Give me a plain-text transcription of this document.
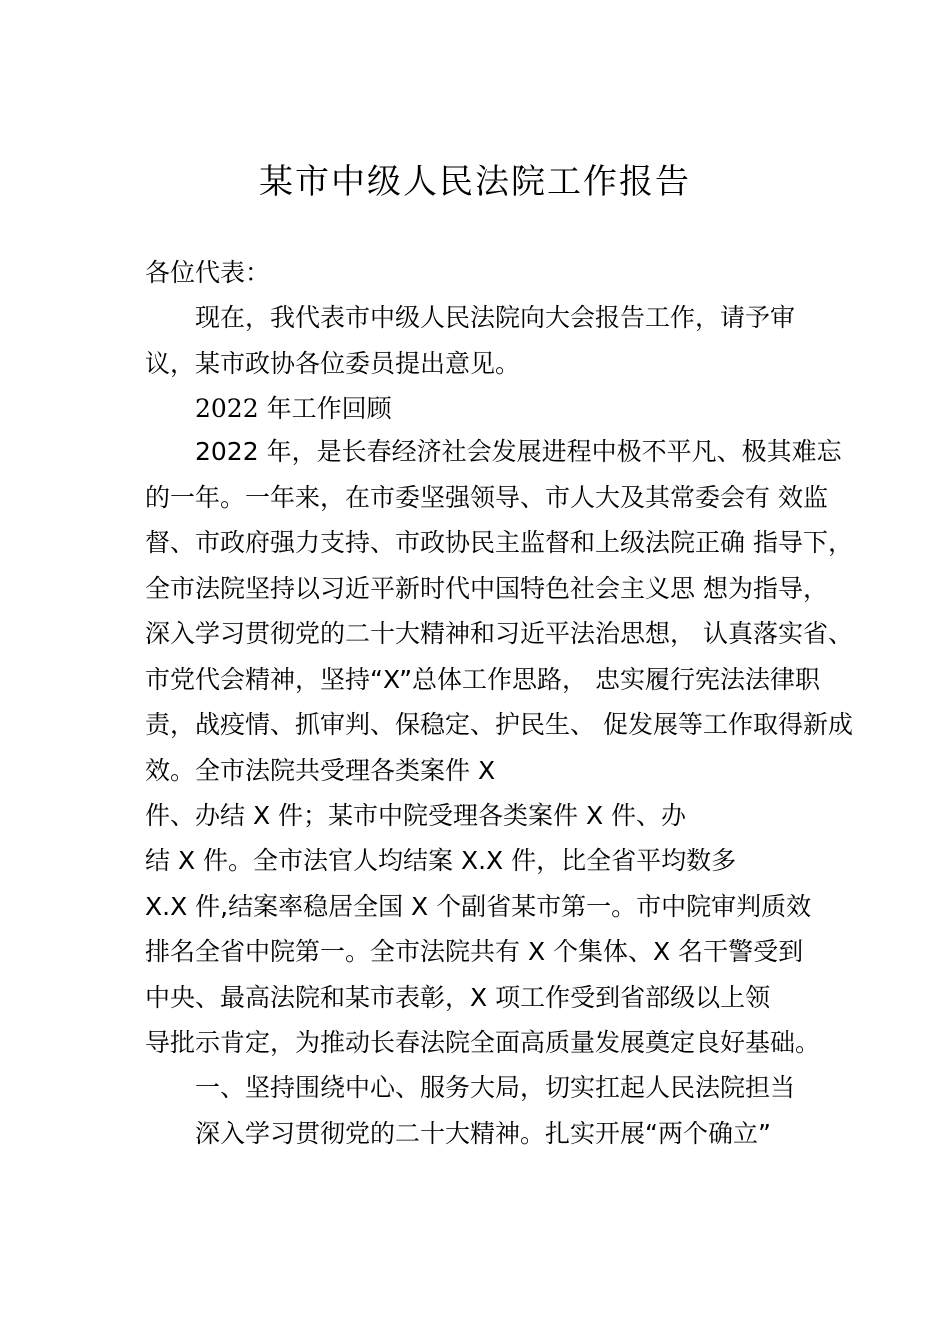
某市中级人民法院工作报告
各位代表：
现在，我代表市中级人民法院向大会报告工作，请予审
议，某市政协各位委员提出意见。
2022 年工作回顾
2022 年，是长春经济社会发展进程中极不平凡、极其难忘
的一年。一年来，在市委坚强领导、市人大及其常委会有 效监
督、市政府强力支持、市政协民主监督和上级法院正确 指导下，
全市法院坚持以习近平新时代中国特色社会主义思 想为指导，
深入学习贯彻党的二十大精神和习近平法治思想， 认真落实省、
市党代会精神，坚持“X”总体工作思路， 忠实履行宪法法律职
责，战疫情、抓审判、保稳定、护民生、 促发展等工作取得新成
效。全市法院共受理各类案件 X
件、办结 X 件；某市中院受理各类案件 X 件、办
结 X 件。全市法官人均结案 X.X 件，比全省平均数多
X.X 件,结案率稳居全国 X 个副省某市第一。市中院审判质效
排名全省中院第一。全市法院共有 X 个集体、X 名干警受到
中央、最高法院和某市表彰，X 项工作受到省部级以上领
导批示肯定，为推动长春法院全面高质量发展奠定良好基础。
一、坚持围绕中心、服务大局，切实扛起人民法院担当
深入学习贯彻党的二十大精神。扎实开展“两个确立”
